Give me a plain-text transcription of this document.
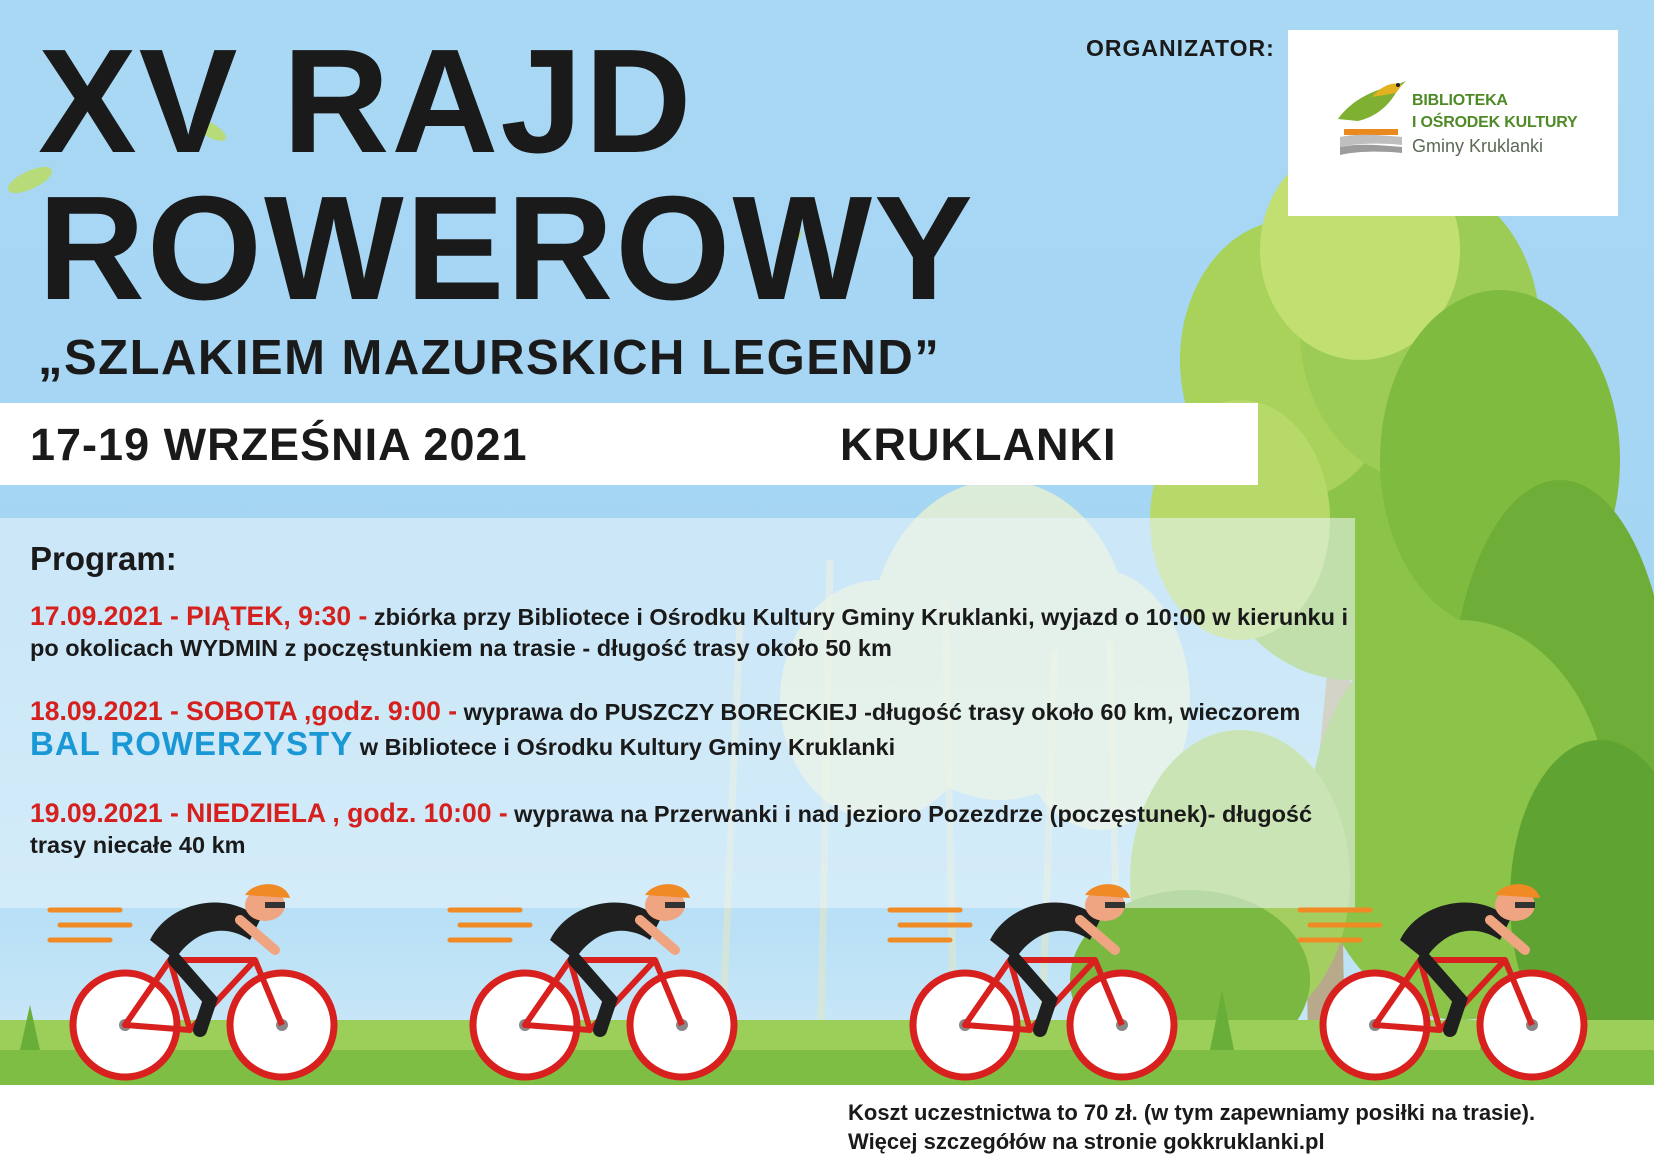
XV RAJD
ROWEROWY
„SZLAKIEM MAZURSKICH LEGEND”
ORGANIZATOR:
BIBLIOTEKA
I OŚRODEK KULTURY
Gminy Kruklanki
17-19 WRZEŚNIA 2021	KRUKLANKI
Program:
17.09.2021 - PIĄTEK, 9:30 - zbiórka przy Bibliotece i Ośrodku Kultury Gminy Kruklanki, wyjazd o 10:00 w kierunku i po okolicach WYDMIN z poczęstunkiem na trasie - długość trasy około 50 km
18.09.2021 - SOBOTA ,godz. 9:00 - wyprawa do PUSZCZY BORECKIEJ -długość trasy około 60 km, wieczorem BAL ROWERZYSTY w Bibliotece i Ośrodku Kultury Gminy Kruklanki
19.09.2021 - NIEDZIELA , godz. 10:00 - wyprawa na Przerwanki i nad jezioro Pozezdrze (poczęstunek)- długość trasy niecałe 40 km
Koszt uczestnictwa to 70 zł. (w tym zapewniamy posiłki na trasie).
Więcej szczegółów na stronie gokkruklanki.pl
